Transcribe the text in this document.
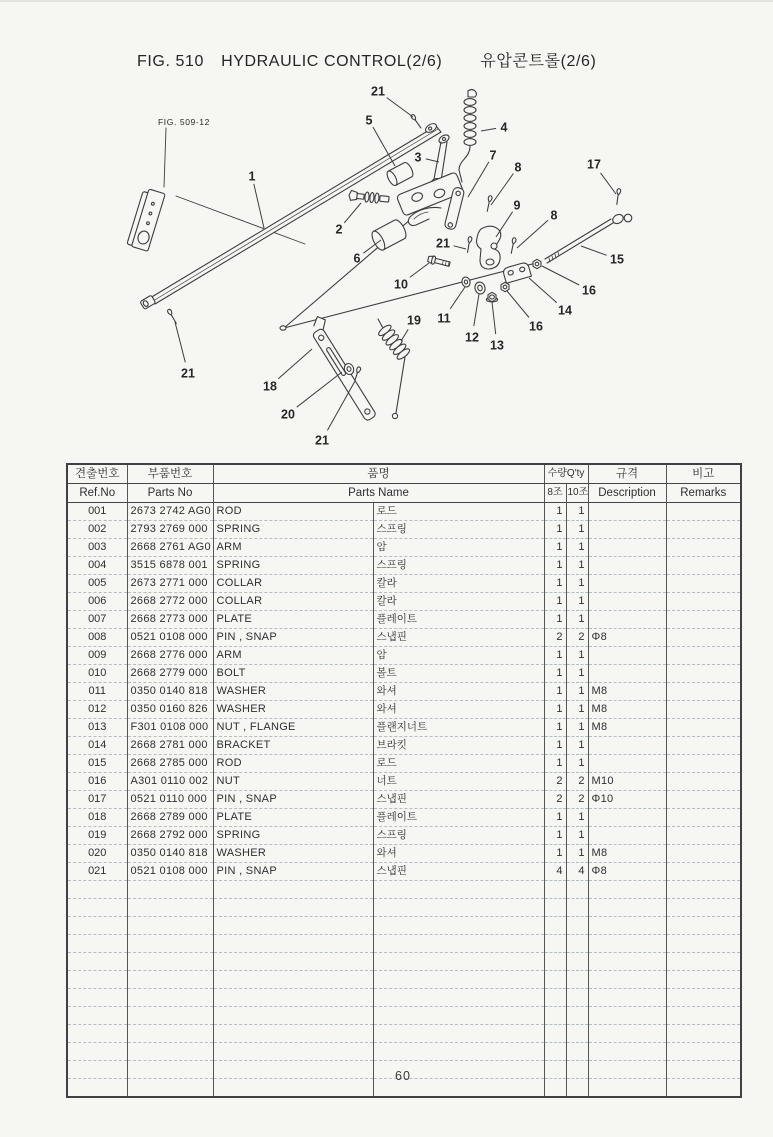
FIG. 510 HYDRAULIC CONTROL(2/6) 유압콘트롤(2/6)
FIG. 509-12
21
5	4
3	7
17
8
1
9
8
2
21
15
6
10	16
14
11
19	16
12
13
18
21
20
21
견출번호	부품번호	품명		수량Q'ty		규격	비고
Ref.No	Parts No	Parts Name		8조	10조	Description	Remarks
001	2673 2742 AG0	ROD	로드	1	1		
002	2793 2769 000	SPRING	스프링	1	1		
003	2668 2761 AG0	ARM	암	1	1		
004	3515 6878 001	SPRING	스프링	1	1		
005	2673 2771 000	COLLAR	칼라	1	1		
006	2668 2772 000	COLLAR	칼라	1	1		
007	2668 2773 000	PLATE	플레이트	1	1		
008	0521 0108 000	PIN , SNAP	스냅핀	2	2	Φ8	
009	2668 2776 000	ARM	암	1	1		
010	2668 2779 000	BOLT	볼트	1	1		
011	0350 0140 818	WASHER	와셔	1	1	M8	
012	0350 0160 826	WASHER	와셔	1	1	M8	
013	F301 0108 000	NUT , FLANGE	플랜지너트	1	1	M8	
014	2668 2781 000	BRACKET	브라킷	1	1		
015	2668 2785 000	ROD	로드	1	1		
016	A301 0110 002	NUT	너트	2	2	M10	
017	0521 0110 000	PIN , SNAP	스냅핀	2	2	Φ10	
018	2668 2789 000	PLATE	플레이트	1	1		
019	2668 2792 000	SPRING	스프링	1	1		
020	0350 0140 818	WASHER	와셔	1	1	M8	
021	0521 0108 000	PIN , SNAP	스냅핀	4	4	Φ8	

60
